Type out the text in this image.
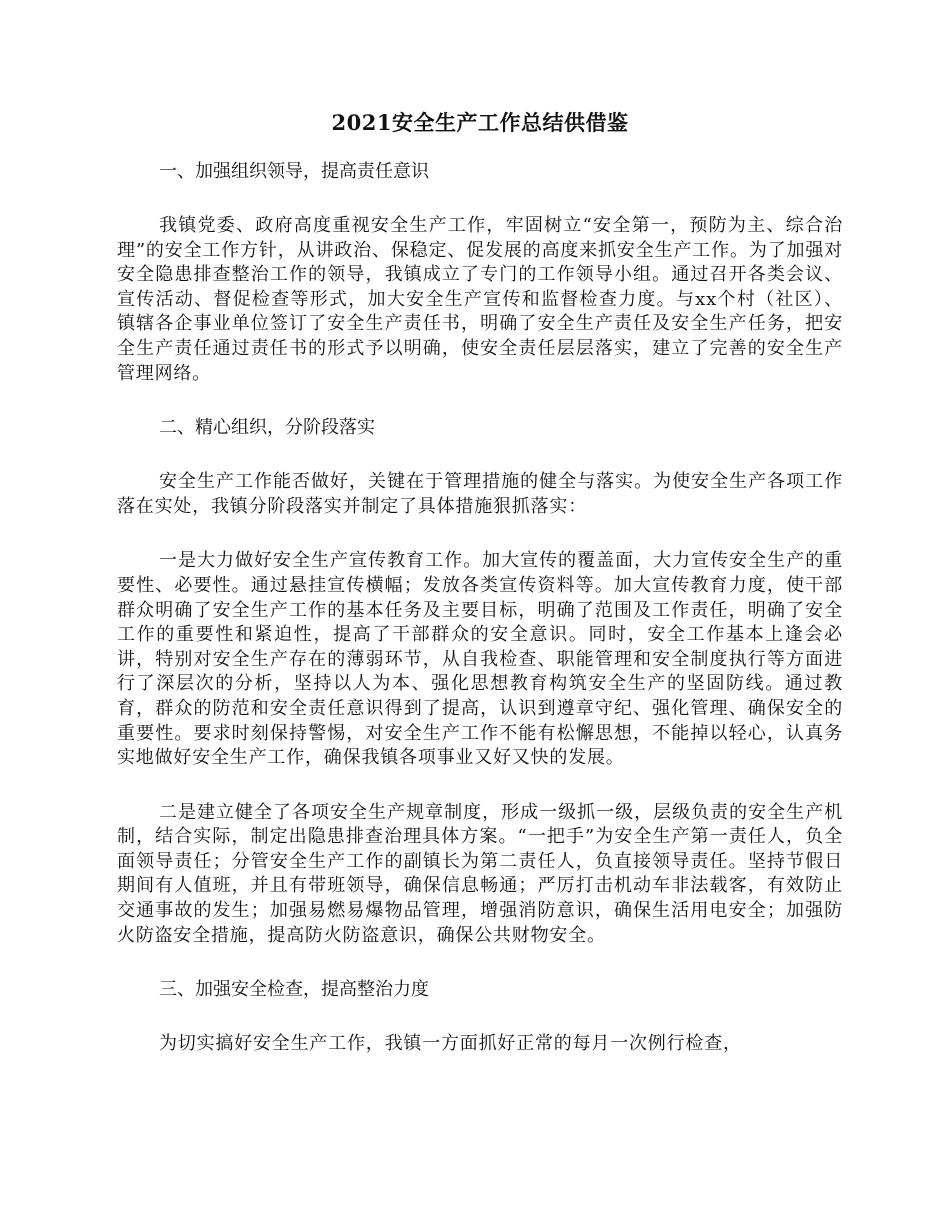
2021安全生产工作总结供借鉴

一、加强组织领导，提高责任意识

我镇党委、政府高度重视安全生产工作，牢固树立“安全第一，预防为主、综合治理”的安全工作方针，从讲政治、保稳定、促发展的高度来抓安全生产工作。为了加强对安全隐患排查整治工作的领导，我镇成立了专门的工作领导小组。通过召开各类会议、宣传活动、督促检查等形式，加大安全生产宣传和监督检查力度。与xx个村（社区）、镇辖各企事业单位签订了安全生产责任书，明确了安全生产责任及安全生产任务，把安全生产责任通过责任书的形式予以明确，使安全责任层层落实，建立了完善的安全生产管理网络。

二、精心组织，分阶段落实

安全生产工作能否做好，关键在于管理措施的健全与落实。为使安全生产各项工作落在实处，我镇分阶段落实并制定了具体措施狠抓落实：

一是大力做好安全生产宣传教育工作。加大宣传的覆盖面，大力宣传安全生产的重要性、必要性。通过悬挂宣传横幅；发放各类宣传资料等。加大宣传教育力度，使干部群众明确了安全生产工作的基本任务及主要目标，明确了范围及工作责任，明确了安全工作的重要性和紧迫性，提高了干部群众的安全意识。同时，安全工作基本上逢会必讲，特别对安全生产存在的薄弱环节，从自我检查、职能管理和安全制度执行等方面进行了深层次的分析，坚持以人为本、强化思想教育构筑安全生产的坚固防线。通过教育，群众的防范和安全责任意识得到了提高，认识到遵章守纪、强化管理、确保安全的重要性。要求时刻保持警惕，对安全生产工作不能有松懈思想，不能掉以轻心，认真务实地做好安全生产工作，确保我镇各项事业又好又快的发展。

二是建立健全了各项安全生产规章制度，形成一级抓一级，层级负责的安全生产机制，结合实际，制定出隐患排查治理具体方案。“一把手”为安全生产第一责任人，负全面领导责任；分管安全生产工作的副镇长为第二责任人，负直接领导责任。坚持节假日期间有人值班，并且有带班领导，确保信息畅通；严厉打击机动车非法载客，有效防止交通事故的发生；加强易燃易爆物品管理，增强消防意识，确保生活用电安全；加强防火防盗安全措施，提高防火防盗意识，确保公共财物安全。

三、加强安全检查，提高整治力度

为切实搞好安全生产工作，我镇一方面抓好正常的每月一次例行检查，
